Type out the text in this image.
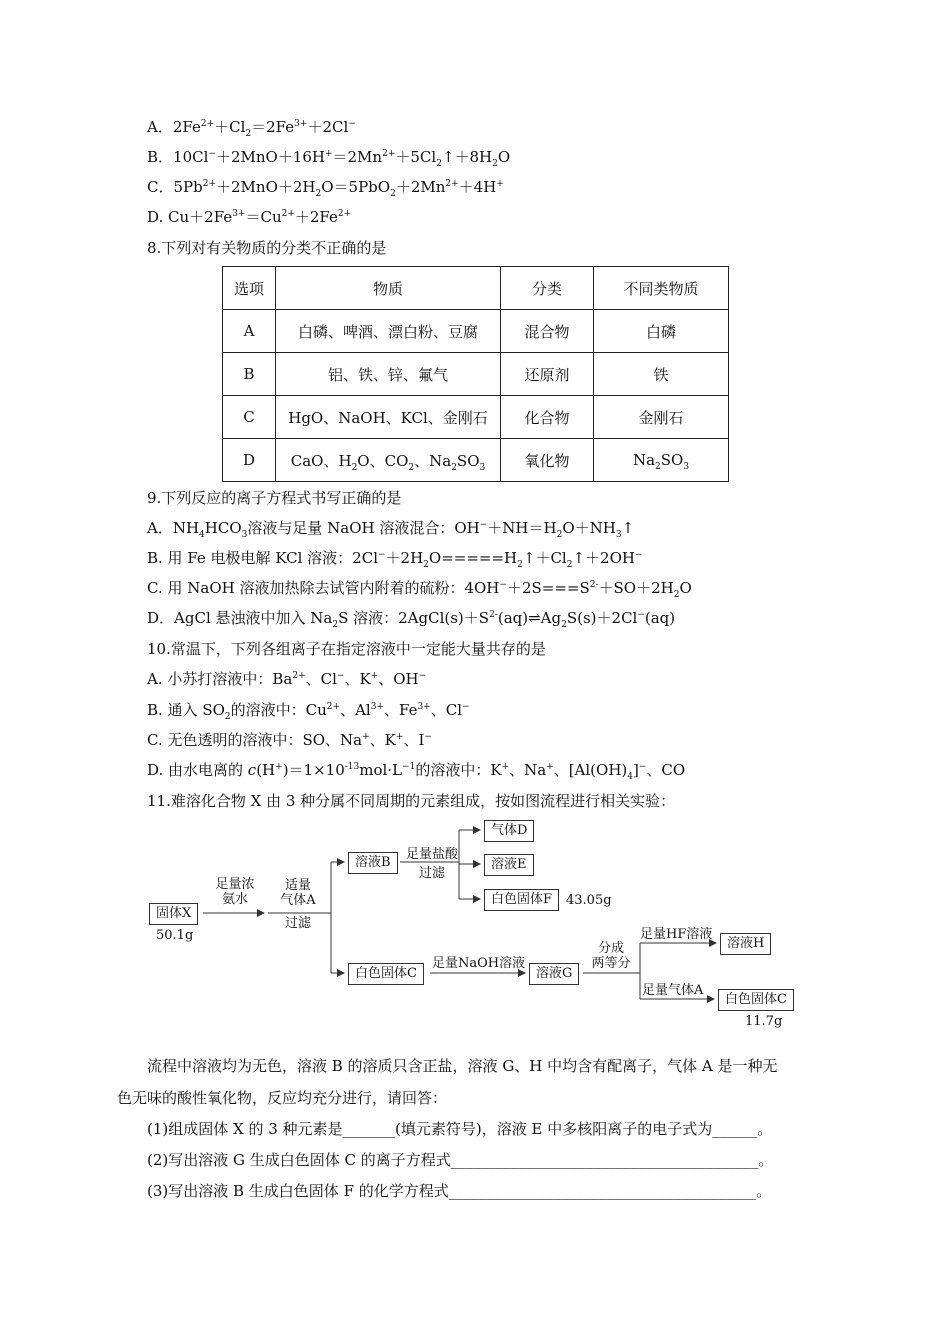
A．$2Fe^{2+}+Cl_2=2Fe^{3+}+2Cl^-$
B．$10Cl^-+2MnO+16H^+=2Mn^{2+}+5Cl_2↑+8H_2O$
C．$5Pb^{2+}+2MnO+2H_2O=5PbO_2+2Mn^{2+}+4H^+$
D. $Cu+2Fe^{3+}=Cu^{2+}+2Fe^{2+}$
8.下列对有关物质的分类不正确的是
选项	物质	分类	不同类物质
A	白磷、啤酒、漂白粉、豆腐	混合物	白磷
B	铝、铁、锌、氟气	还原剂	铁
C	HgO、NaOH、KCl、金刚石	化合物	金刚石
D	CaO、$H_2O$、$CO_2$、$Na_2SO_3$	氧化物	$Na_2SO_3$
9.下列反应的离子方程式书写正确的是
A．$NH_4HCO_3$溶液与足量 NaOH 溶液混合：$OH^-+NH=H_2O+NH_3↑$
B. 用 Fe 电极电解 KCl 溶液：$2Cl^-+2H_2O=====H_2↑+Cl_2↑+2OH^-$
C. 用 NaOH 溶液加热除去试管内附着的硫粉：$4OH^-+2S===S^{2-}+SO+2H_2O$
D．AgCl 悬浊液中加入 $Na_2S$ 溶液：$2AgCl(s)+S^{2-}(aq)\rightleftharpoons Ag_2S(s)+2Cl^-(aq)$
10.常温下，下列各组离子在指定溶液中一定能大量共存的是
A. 小苏打溶液中：$Ba^{2+}$、Cl−、K+、OH−
B. 通入 $SO_2$的溶液中：$Cu^{2+}$、$Al^{3+}$、$Fe^{3+}$、Cl−
C. 无色透明的溶液中：SO、Na+、K+、I−
D. 由水电离的 $c(H^+)=1\times 10^{-13}mol\cdot L^{-1}$的溶液中：K+、Na+、$[Al(OH)_4]^-$、CO
11.难溶化合物 X 由 3 种分属不同周期的元素组成，按如图流程进行相关实验：
固体X
50.1g
足量浓
氨水
适量
气体A
过滤
溶液B
足量盐酸
过滤
气体D
溶液E
白色固体F	43.05g
白色固体C
足量NaOH溶液
溶液G
分成
两等分
足量HF溶液
溶液H
足量气体A
白色固体C
11.7g
流程中溶液均为无色，溶液 B 的溶质只含正盐，溶液 G、H 中均含有配离子，气体 A 是一种无
色无味的酸性氧化物，反应均充分进行，请回答：
(1)组成固体 X 的 3 种元素是_______(填元素符号)，溶液 E 中多核阳离子的电子式为______。
(2)写出溶液 G 生成白色固体 C 的离子方程式_________________________________________。
(3)写出溶液 B 生成白色固体 F 的化学方程式_________________________________________。
